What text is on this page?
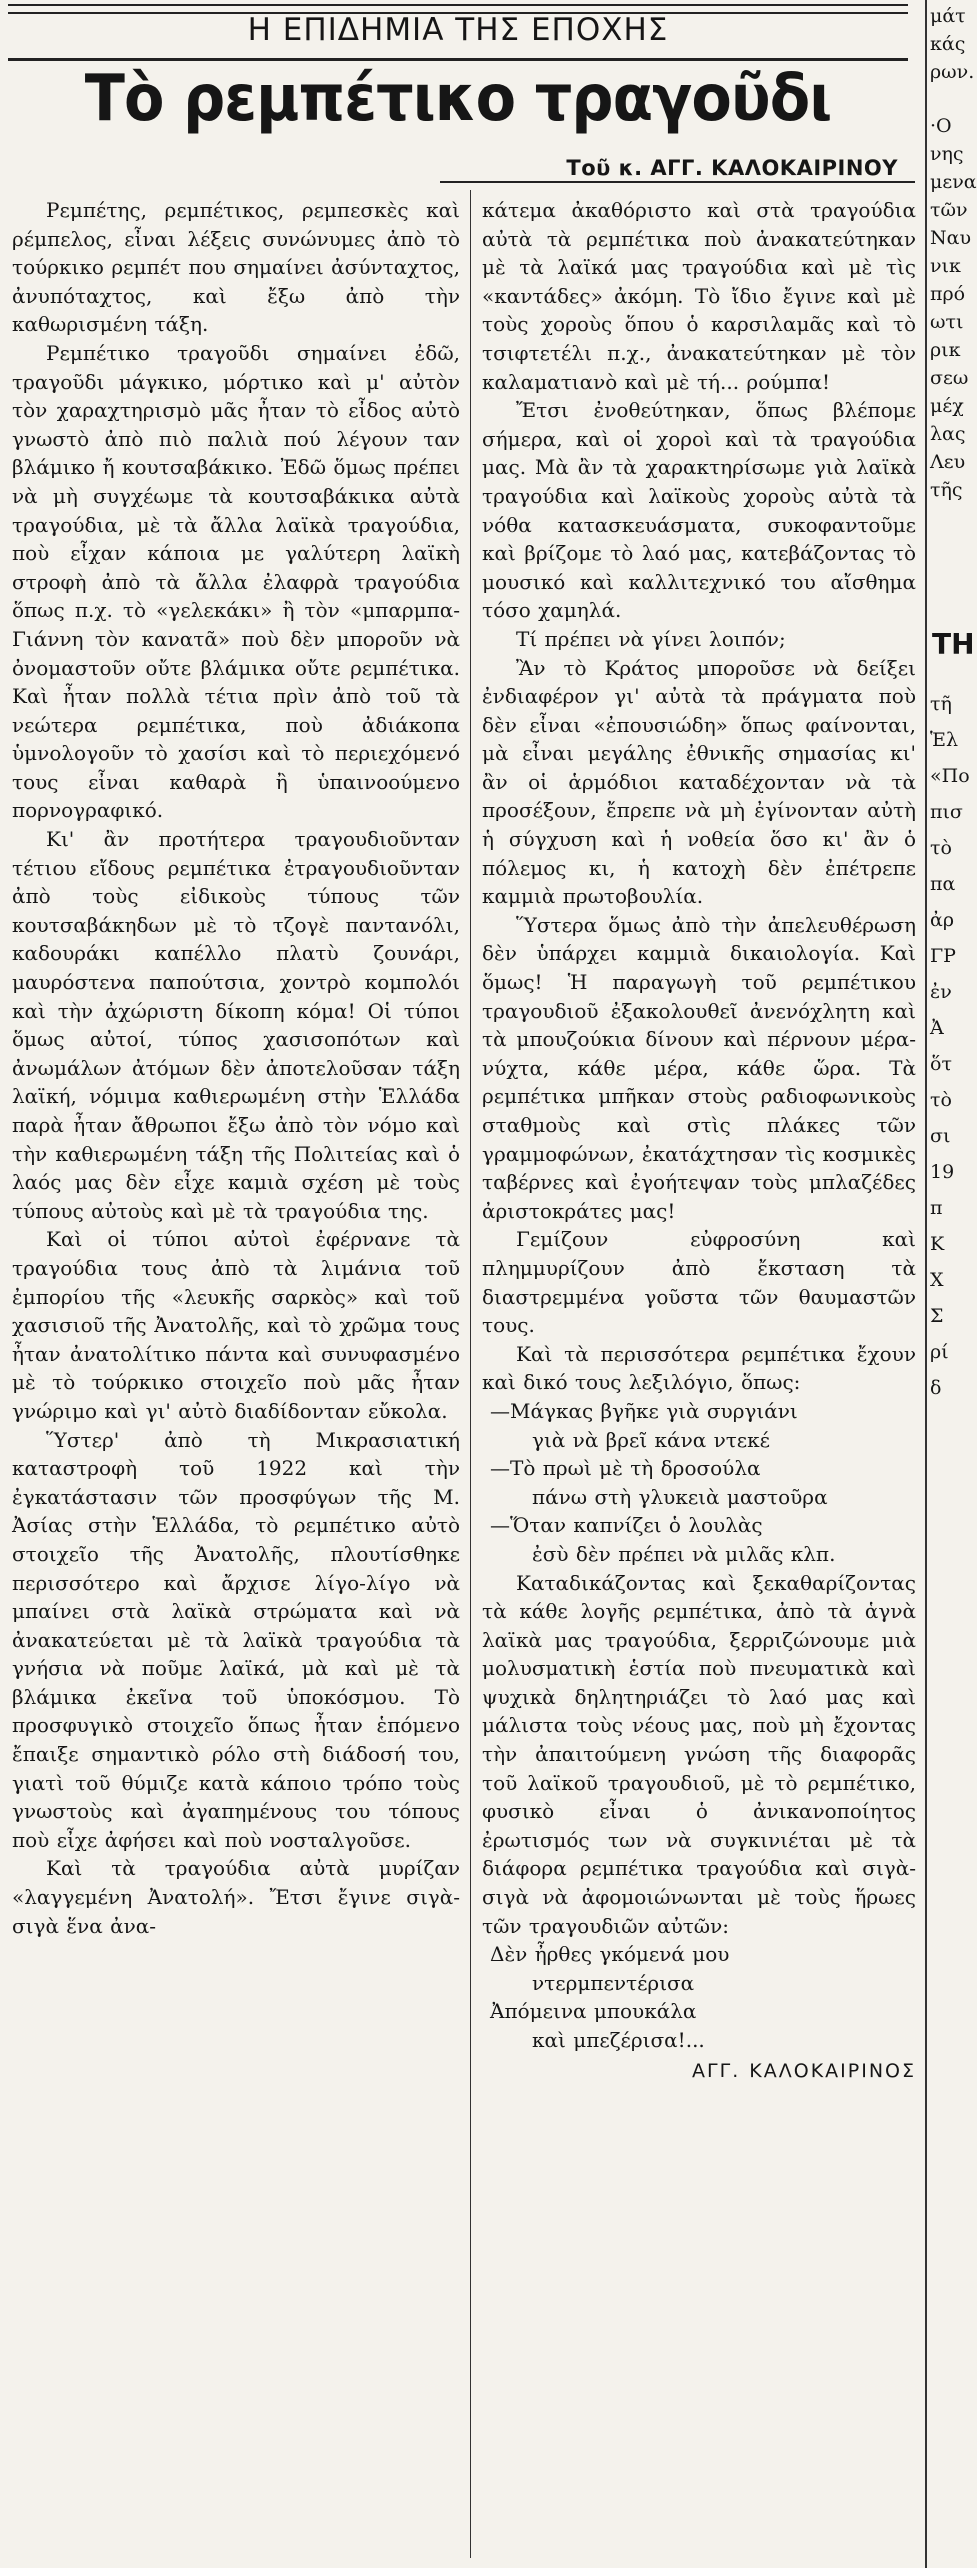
Η ΕΠΙΔΗΜΙΑ ΤΗΣ ΕΠΟΧΗΣ
Τὸ ρεμπέτικο τραγοῦδι
Τοῦ κ. ΑΓΓ. ΚΑΛΟΚΑΙΡΙΝΟΥ

Ρεμπέτης, ρεμπέτικος, ρεμπεσκὲς καὶ ρέμπελος, εἶναι λέξεις συνώνυμες ἀπὸ τὸ τούρκικο ρεμπέτ που σημαίνει ἀσύνταχτος, ἀνυπόταχτος, καὶ ἔξω ἀπὸ τὴν καθωρισμένη τάξη.

Ρεμπέτικο τραγοῦδι σημαίνει ἐδῶ, τραγοῦδι μάγκικο, μόρτικο καὶ μ' αὐτὸν τὸν χαραχτηρισμὸ μᾶς ἦταν τὸ εἶδος αὐτὸ γνωστὸ ἀπὸ πιὸ παλιὰ πού λέγουν ταν βλάμικο ἤ κουτσαβάκικο. Ἐδῶ ὅμως πρέπει νὰ μὴ συγχέωμε τὰ κουτσαβάκικα αὐτὰ τραγούδια, μὲ τὰ ἄλλα λαϊκὰ τραγούδια, ποὺ εἶχαν κάποια με γαλύτερη λαϊκὴ στροφὴ ἀπὸ τὰ ἄλλα ἐλαφρὰ τραγούδια ὅπως π.χ. τὸ «γελεκάκι» ἢ τὸν «μπαρμπα-Γιάννη τὸν κανατᾶ» ποὺ δὲν μποροῦν νὰ ὀνομαστοῦν οὔτε βλάμικα οὔτε ρεμπέτικα. Καὶ ἦταν πολλὰ τέτια πρὶν ἀπὸ τοῦ τὰ νεώτερα ρεμπέτικα, ποὺ ἀδιάκοπα ὑμνολογοῦν τὸ χασίσι καὶ τὸ περιεχόμενό τους εἶναι καθαρὰ ἢ ὑπαινοούμενο πορνογραφικό.

Κι' ἂν προτήτερα τραγουδιοῦνταν τέτιου εἴδους ρεμπέτικα ἐτραγουδιοῦνταν ἀπὸ τοὺς εἰδικοὺς τύπους τῶν κουτσαβάκηδων μὲ τὸ τζογὲ παντανόλι, καδουράκι καπέλλο πλατὺ ζουνάρι, μαυρόστενα παπούτσια, χοντρὸ κομπολόι καὶ τὴν ἀχώριστη δίκοπη κόμα! Οἱ τύποι ὅμως αὐτοί, τύπος χασισοπότων καὶ ἀνωμάλων ἀτόμων δὲν ἀποτελοῦσαν τάξη λαϊκή, νόμιμα καθιερωμένη στὴν Ἑλλάδα παρὰ ἦταν ἄθρωποι ἔξω ἀπὸ τὸν νόμο καὶ τὴν καθιερωμένη τάξη τῆς Πολιτείας καὶ ὁ λαός μας δὲν εἶχε καμιὰ σχέση μὲ τοὺς τύπους αὐτοὺς καὶ μὲ τὰ τραγούδια της.

Καὶ οἱ τύποι αὐτοὶ ἐφέρνανε τὰ τραγούδια τους ἀπὸ τὰ λιμάνια τοῦ ἐμπορίου τῆς «λευκῆς σαρκὸς» καὶ τοῦ χασισιοῦ τῆς Ἀνατολῆς, καὶ τὸ χρῶμα τους ἦταν ἀνατολίτικο πάντα καὶ συνυφασμένο μὲ τὸ τούρκικο στοιχεῖο ποὺ μᾶς ἦταν γνώριμο καὶ γι' αὐτὸ διαδίδονταν εὔκολα.

Ὕστερ' ἀπὸ τὴ Μικρασιατική καταστροφὴ τοῦ 1922 καὶ τὴν ἐγκατάστασιν τῶν προσφύγων τῆς Μ. Ἀσίας στὴν Ἑλλάδα, τὸ ρεμπέτικο αὐτὸ στοιχεῖο τῆς Ἀνατολῆς, πλουτίσθηκε περισσότερο καὶ ἄρχισε λίγο-λίγο νὰ μπαίνει στὰ λαϊκὰ στρώματα καὶ νὰ ἀνακατεύεται μὲ τὰ λαϊκὰ τραγούδια τὰ γνήσια νὰ ποῦμε λαϊκά, μὰ καὶ μὲ τὰ βλάμικα ἐκεῖνα τοῦ ὑποκόσμου. Τὸ προσφυγικὸ στοιχεῖο ὅπως ἦταν ἑπόμενο ἔπαιξε σημαντικὸ ρόλο στὴ διάδοσή του, γιατὶ τοῦ θύμιζε κατὰ κάποιο τρόπο τοὺς γνωστοὺς καὶ ἀγαπημένους του τόπους ποὺ εἶχε ἀφήσει καὶ ποὺ νοσταλγοῦσε.

Καὶ τὰ τραγούδια αὐτὰ μυρίζαν «λαγγεμένη Ἀνατολή». Ἔτσι ἔγινε σιγὰ-σιγὰ ἕνα ἀνα-

κάτεμα ἀκαθόριστο καὶ στὰ τραγούδια αὐτὰ τὰ ρεμπέτικα ποὺ ἀνακατεύτηκαν μὲ τὰ λαϊκά μας τραγούδια καὶ μὲ τὶς «καντάδες» ἀκόμη. Τὸ ἴδιο ἔγινε καὶ μὲ τοὺς χοροὺς ὅπου ὁ καρσιλαμᾶς καὶ τὸ τσιφτετέλι π.χ., ἀνακατεύτηκαν μὲ τὸν καλαματιανὸ καὶ μὲ τή... ρούμπα!

Ἔτσι ἐνοθεύτηκαν, ὅπως βλέπομε σήμερα, καὶ οἱ χοροὶ καὶ τὰ τραγούδια μας. Μὰ ἂν τὰ χαρακτηρίσωμε γιὰ λαϊκὰ τραγούδια καὶ λαϊκοὺς χοροὺς αὐτὰ τὰ νόθα κατασκευάσματα, συκοφαντοῦμε καὶ βρίζομε τὸ λαό μας, κατεβάζοντας τὸ μουσικό καὶ καλλιτεχνικό του αἴσθημα τόσο χαμηλά.

Τί πρέπει νὰ γίνει λοιπόν;

Ἂν τὸ Κράτος μποροῦσε νὰ δείξει ἐνδιαφέρον γι' αὐτὰ τὰ πράγματα ποὺ δὲν εἶναι «ἐπουσιώδη» ὅπως φαίνονται, μὰ εἶναι μεγάλης ἐθνικῆς σημασίας κι' ἂν οἱ ἁρμόδιοι καταδέχονταν νὰ τὰ προσέξουν, ἔπρεπε νὰ μὴ ἐγίνονταν αὐτὴ ἡ σύγχυση καὶ ἡ νοθεία ὅσο κι' ἂν ὁ πόλεμος κι, ἡ κατοχὴ δὲν ἐπέτρεπε καμμιὰ πρωτοβουλία.

Ὕστερα ὅμως ἀπὸ τὴν ἀπελευθέρωση δὲν ὑπάρχει καμμιὰ δικαιολογία. Καὶ ὅμως! Ἡ παραγωγὴ τοῦ ρεμπέτικου τραγουδιοῦ ἐξακολουθεῖ ἀνενόχλητη καὶ τὰ μπουζούκια δίνουν καὶ πέρνουν μέρα-νύχτα, κάθε μέρα, κάθε ὥρα. Τὰ ρεμπέτικα μπῆκαν στοὺς ραδιοφωνικοὺς σταθμοὺς καὶ στὶς πλάκες τῶν γραμμοφώνων, ἐκατάχτησαν τὶς κοσμικὲς ταβέρνες καὶ ἐγοήτεψαν τοὺς μπλαζέδες ἀριστοκράτες μας!

Γεμίζουν εὐφροσύνη καὶ πλημμυρίζουν ἀπὸ ἔκσταση τὰ διαστρεμμένα γοῦστα τῶν θαυμαστῶν τους.

Καὶ τὰ περισσότερα ρεμπέτικα ἔχουν καὶ δικό τους λεξιλόγιο, ὅπως:

—Μάγκας βγῆκε γιὰ συργιάνι

γιὰ νὰ βρεῖ κάνα ντεκέ

—Τὸ πρωὶ μὲ τὴ δροσούλα

πάνω στὴ γλυκειὰ μαστοῦρα

—Ὅταν καπνίζει ὁ λουλὰς

ἐσὺ δὲν πρέπει νὰ μιλᾶς κλπ.

Καταδικάζοντας καὶ ξεκαθαρίζοντας τὰ κάθε λογῆς ρεμπέτικα, ἀπὸ τὰ ἁγνὰ λαϊκὰ μας τραγούδια, ξερριζώνουμε μιὰ μολυσματικὴ ἑστία ποὺ πνευματικὰ καὶ ψυχικὰ δηλητηριάζει τὸ λαό μας καὶ μάλιστα τοὺς νέους μας, ποὺ μὴ ἔχοντας τὴν ἀπαιτούμενη γνώση τῆς διαφορᾶς τοῦ λαϊκοῦ τραγουδιοῦ, μὲ τὸ ρεμπέτικο, φυσικὸ εἶναι ὁ ἀνικανοποίητος ἐρωτισμός των νὰ συγκινιέται μὲ τὰ διάφορα ρεμπέτικα τραγούδια καὶ σιγὰ-σιγὰ νὰ ἀφομοιώνωνται μὲ τοὺς ἥρωες τῶν τραγουδιῶν αὐτῶν:

Δὲν ἦρθες γκόμενά μου

ντερμπεντέρισα

Ἀπόμεινα μπουκάλα

καὶ μπεζέρισα!...

ΑΓΓ. ΚΑΛΟΚΑΙΡΙΝΟΣ

μάτ
κάς
ρων.
·Ο
νης
μενα
τῶν
Ναυ
νικ
πρό
ωτι
ρικ
σεω
μέχ
λας
Λευ
τῆς
ΤΗ
τῆ
Ἑλ
«Πο
πισ
τὸ
πα
ἀρ
ΓΡ
ἐν
Ἀ
ὅτ
τὸ
σι
19
π
Κ
Χ
Σ
ρί
δ
